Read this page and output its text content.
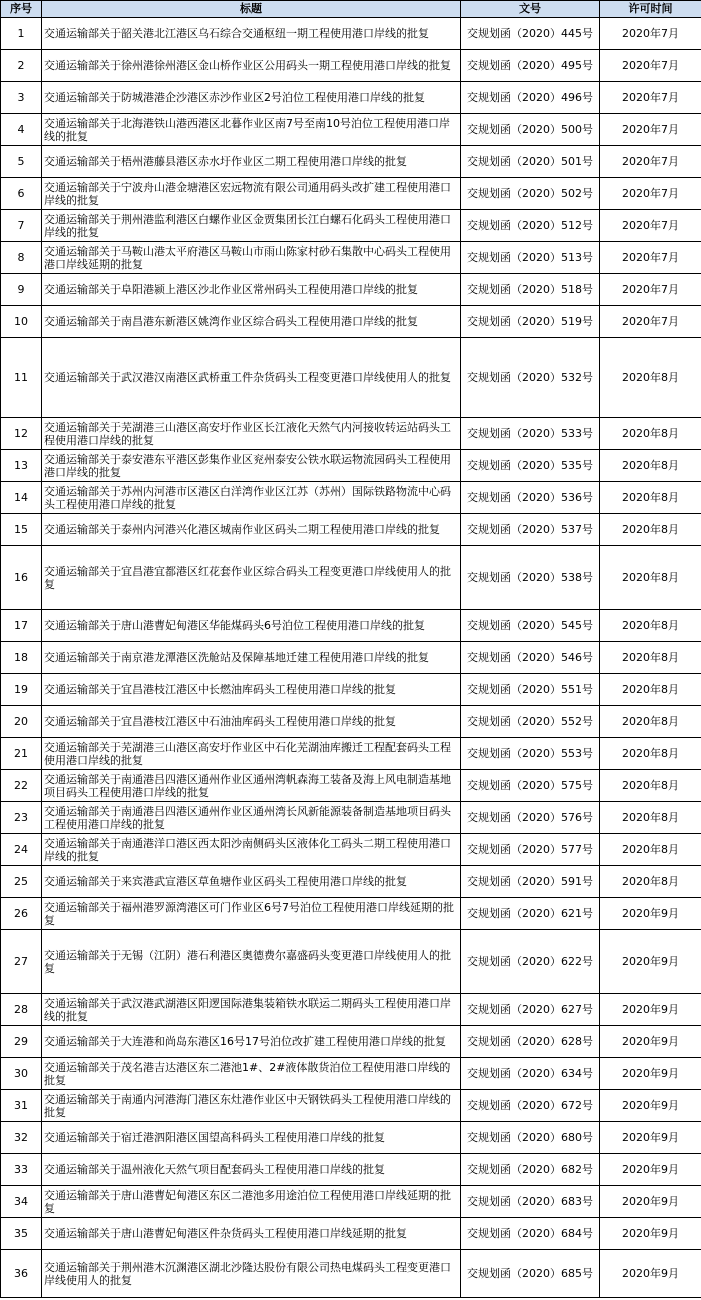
序号	标题	文号	许可时间
1	交通运输部关于韶关港北江港区乌石综合交通枢纽一期工程使用港口岸线的批复	交规划函（2020）445号	2020年7月
2	交通运输部关于徐州港徐州港区金山桥作业区公用码头一期工程使用港口岸线的批复	交规划函（2020）495号	2020年7月
3	交通运输部关于防城港港企沙港区赤沙作业区2号泊位工程使用港口岸线的批复	交规划函（2020）496号	2020年7月
4	交通运输部关于北海港铁山港西港区北暮作业区南7号至南10号泊位工程使用港口岸线的批复	交规划函（2020）500号	2020年7月
5	交通运输部关于梧州港藤县港区赤水圩作业区二期工程使用港口岸线的批复	交规划函（2020）501号	2020年7月
6	交通运输部关于宁波舟山港金塘港区宏远物流有限公司通用码头改扩建工程使用港口岸线的批复	交规划函（2020）502号	2020年7月
7	交通运输部关于荆州港监利港区白螺作业区金贾集团长江白螺石化码头工程使用港口岸线的批复	交规划函（2020）512号	2020年7月
8	交通运输部关于马鞍山港太平府港区马鞍山市雨山陈家村砂石集散中心码头工程使用港口岸线延期的批复	交规划函（2020）513号	2020年7月
9	交通运输部关于阜阳港颍上港区沙北作业区常州码头工程使用港口岸线的批复	交规划函（2020）518号	2020年7月
10	交通运输部关于南昌港东新港区姚湾作业区综合码头工程使用港口岸线的批复	交规划函（2020）519号	2020年7月
11	交通运输部关于武汉港汉南港区武桥重工件杂货码头工程变更港口岸线使用人的批复	交规划函（2020）532号	2020年8月
12	交通运输部关于芜湖港三山港区高安圩作业区长江液化天然气内河接收转运站码头工程使用港口岸线的批复	交规划函（2020）533号	2020年8月
13	交通运输部关于泰安港东平港区彭集作业区兖州泰安公铁水联运物流园码头工程使用港口岸线的批复	交规划函（2020）535号	2020年8月
14	交通运输部关于苏州内河港市区港区白洋湾作业区江苏（苏州）国际铁路物流中心码头工程使用港口岸线的批复	交规划函（2020）536号	2020年8月
15	交通运输部关于泰州内河港兴化港区城南作业区码头二期工程使用港口岸线的批复	交规划函（2020）537号	2020年8月
16	交通运输部关于宜昌港宜都港区红花套作业区综合码头工程变更港口岸线使用人的批复	交规划函（2020）538号	2020年8月
17	交通运输部关于唐山港曹妃甸港区华能煤码头6号泊位工程使用港口岸线的批复	交规划函（2020）545号	2020年8月
18	交通运输部关于南京港龙潭港区洗舱站及保障基地迁建工程使用港口岸线的批复	交规划函（2020）546号	2020年8月
19	交通运输部关于宜昌港枝江港区中长燃油库码头工程使用港口岸线的批复	交规划函（2020）551号	2020年8月
20	交通运输部关于宜昌港枝江港区中石油油库码头工程使用港口岸线的批复	交规划函（2020）552号	2020年8月
21	交通运输部关于芜湖港三山港区高安圩作业区中石化芜湖油库搬迁工程配套码头工程使用港口岸线的批复	交规划函（2020）553号	2020年8月
22	交通运输部关于南通港吕四港区通州作业区通州湾帆森海工装备及海上风电制造基地项目码头工程使用港口岸线的批复	交规划函（2020）575号	2020年8月
23	交通运输部关于南通港吕四港区通州作业区通州湾长风新能源装备制造基地项目码头工程使用港口岸线的批复	交规划函（2020）576号	2020年8月
24	交通运输部关于南通港洋口港区西太阳沙南侧码头区液体化工码头二期工程使用港口岸线的批复	交规划函（2020）577号	2020年8月
25	交通运输部关于来宾港武宣港区草鱼塘作业区码头工程使用港口岸线的批复	交规划函（2020）591号	2020年8月
26	交通运输部关于福州港罗源湾港区可门作业区6号7号泊位工程使用港口岸线延期的批复	交规划函（2020）621号	2020年9月
27	交通运输部关于无锡（江阴）港石利港区奥德费尔嘉盛码头变更港口岸线使用人的批复	交规划函（2020）622号	2020年9月
28	交通运输部关于武汉港武湖港区阳逻国际港集装箱铁水联运二期码头工程使用港口岸线的批复	交规划函（2020）627号	2020年9月
29	交通运输部关于大连港和尚岛东港区16号17号泊位改扩建工程使用港口岸线的批复	交规划函（2020）628号	2020年9月
30	交通运输部关于茂名港吉达港区东二港池1#、2#液体散货泊位工程使用港口岸线的批复	交规划函（2020）634号	2020年9月
31	交通运输部关于南通内河港海门港区东灶港作业区中天钢铁码头工程使用港口岸线的批复	交规划函（2020）672号	2020年9月
32	交通运输部关于宿迁港泗阳港区国望高科码头工程使用港口岸线的批复	交规划函（2020）680号	2020年9月
33	交通运输部关于温州液化天然气项目配套码头工程使用港口岸线的批复	交规划函（2020）682号	2020年9月
34	交通运输部关于唐山港曹妃甸港区东区二港池多用途泊位工程使用港口岸线延期的批复	交规划函（2020）683号	2020年9月
35	交通运输部关于唐山港曹妃甸港区件杂货码头工程使用港口岸线延期的批复	交规划函（2020）684号	2020年9月
36	交通运输部关于荆州港木沉渊港区湖北沙隆达股份有限公司热电煤码头工程变更港口岸线使用人的批复	交规划函（2020）685号	2020年9月
